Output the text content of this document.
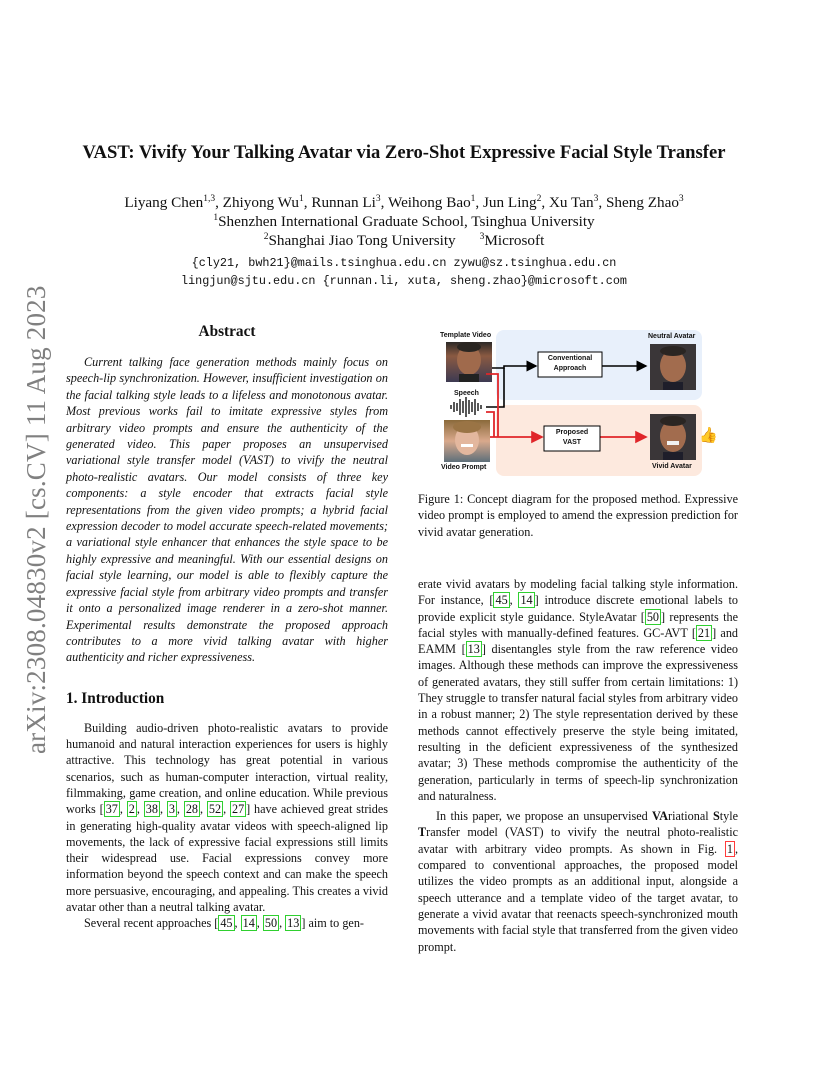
arXiv:2308.04830v2 [cs.CV] 11 Aug 2023
VAST: Vivify Your Talking Avatar via Zero-Shot Expressive Facial Style Transfer
Liyang Chen$^{1,3}$, Zhiyong Wu$^1$, Runnan Li$^3$, Weihong Bao$^1$, Jun Ling$^2$, Xu Tan$^3$, Sheng Zhao$^3$
$^1$Shenzhen International Graduate School, Tsinghua University
$^2$Shanghai Jiao Tong University	$^3$Microsoft
{cly21, bwh21}@mails.tsinghua.edu.cn zywu@sz.tsinghua.edu.cn
lingjun@sjtu.edu.cn {runnan.li, xuta, sheng.zhao}@microsoft.com
Abstract

Current talking face generation methods mainly focus on speech-lip synchronization. However, insufficient investigation on the facial talking style leads to a lifeless and monotonous avatar. Most previous works fail to imitate expressive styles from arbitrary video prompts and ensure the authenticity of the generated video. This paper proposes an unsupervised variational style transfer model (VAST) to vivify the neutral photo-realistic avatars. Our model consists of three key components: a style encoder that extracts facial style representations from the given video prompts; a hybrid facial expression decoder to model accurate speech-related movements; a variational style enhancer that enhances the style space to be highly expressive and meaningful. With our essential designs on facial style learning, our model is able to flexibly capture the expressive facial style from arbitrary video prompts and transfer it onto a personalized image renderer in a zero-shot manner. Experimental results demonstrate the proposed approach contributes to a more vivid talking avatar with higher authenticity and richer expressiveness.

1. Introduction

Building audio-driven photo-realistic avatars to provide humanoid and natural interaction experiences for users is highly attractive. This technology has great potential in various scenarios, such as human-computer interaction, virtual reality, filmmaking, game creation, and online education. While previous works [ 37 , 2 , 38 , 3 , 28 , 52 , 27 ] have achieved great strides in generating high-quality avatar videos with speech-aligned lip movements, the lack of expressive facial expressions still limits their widespread use. Facial expressions convey more information beyond the speech context and can make the speech more persuasive, encouraging, and appealing. This creates a vivid avatar other than a neutral talking avatar.

Several recent approaches [ 45 , 14 , 50 , 13 ] aim to gen-

Template Video	Neutral Avatar
Speech
Video Prompt	Vivid Avatar
Conventional
Approach
Proposed
VAST	👍
Figure 1: Concept diagram for the proposed method. Expressive video prompt is employed to amend the expression prediction for vivid avatar generation.

erate vivid avatars by modeling facial talking style information. For instance, [ 45 , 14 ] introduce discrete emotional labels to provide explicit style guidance. StyleAvatar [ 50 ] represents the facial styles with manually-defined features. GC-AVT [ 21 ] and EAMM [ 13 ] disentangles style from the raw reference video images. Although these methods can improve the expressiveness of generated avatars, they still suffer from certain limitations: 1) They struggle to transfer natural facial styles from arbitrary video in a robust manner; 2) The style representation derived by these methods cannot effectively preserve the style being imitated, resulting in the deficient expressiveness of the synthesized avatar; 3) These methods compromise the authenticity of the generation, particularly in terms of speech-lip synchronization and naturalness.

In this paper, we propose an unsupervised VAriational Style Transfer model (VAST) to vivify the neutral photo-realistic avatar with arbitrary video prompts. As shown in Fig. 1 , compared to conventional approaches, the proposed model utilizes the video prompts as an additional input, alongside a speech utterance and a template video of the target avatar, to generate a vivid avatar that reenacts speech-synchronized mouth movements with facial style that transferred from the given video prompt.
